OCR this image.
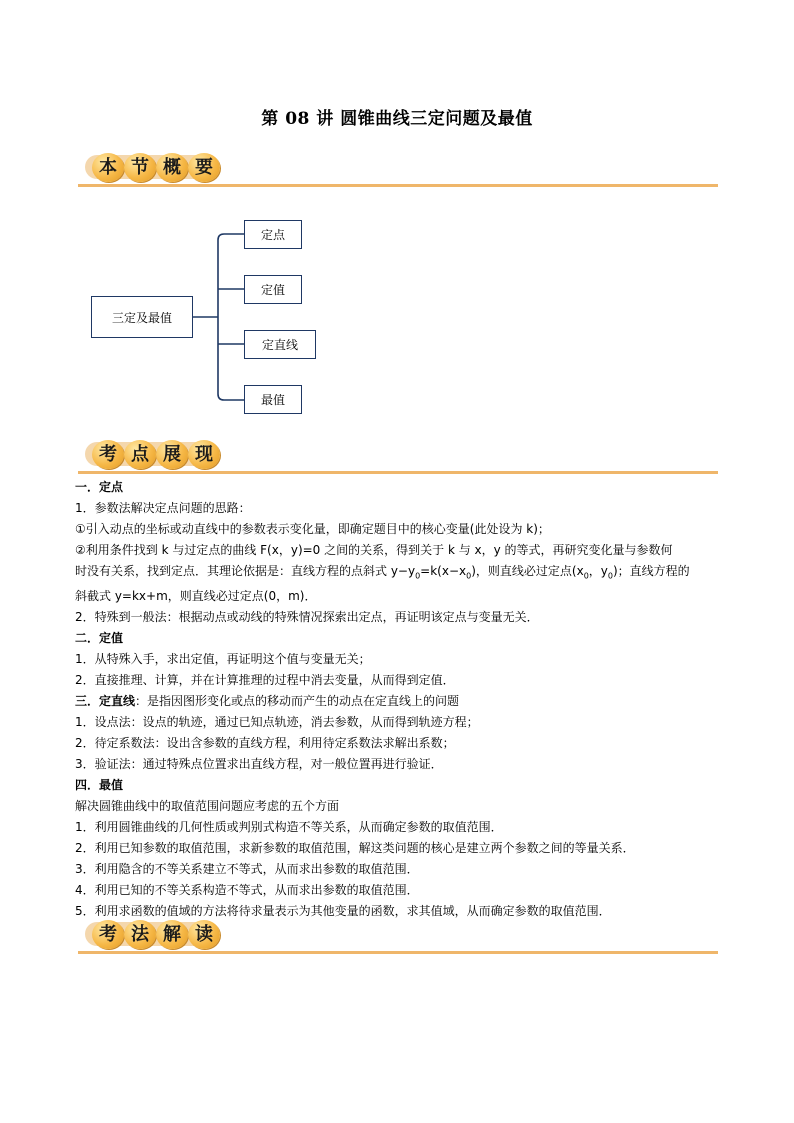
第 08 讲 圆锥曲线三定问题及最值
本 节 概 要
三定及最值
定点
定值
定直线
最值
考 点 展 现

一．定点

1．参数法解决定点问题的思路：

①引入动点的坐标或动直线中的参数表示变化量，即确定题目中的核心变量(此处设为 k)；

②利用条件找到 k 与过定点的曲线 F(x，y)=0 之间的关系，得到关于 k 与 x，y 的等式，再研究变化量与参数何

时没有关系，找到定点．其理论依据是：直线方程的点斜式 $y-y_0=k(x-x_0)$，则直线必过定点($x_0$，$y_0$)；直线方程的

斜截式 y=kx+m，则直线必过定点(0，m)．

2．特殊到一般法：根据动点或动线的特殊情况探索出定点，再证明该定点与变量无关．

二．定值

1．从特殊入手，求出定值，再证明这个值与变量无关；

2．直接推理、计算，并在计算推理的过程中消去变量，从而得到定值．

三．定直线：是指因图形变化或点的移动而产生的动点在定直线上的问题

1．设点法：设点的轨迹，通过已知点轨迹，消去参数，从而得到轨迹方程；

2．待定系数法：设出含参数的直线方程，利用待定系数法求解出系数；

3．验证法：通过特殊点位置求出直线方程，对一般位置再进行验证．

四．最值

解决圆锥曲线中的取值范围问题应考虑的五个方面

1．利用圆锥曲线的几何性质或判别式构造不等关系，从而确定参数的取值范围．

2．利用已知参数的取值范围，求新参数的取值范围，解这类问题的核心是建立两个参数之间的等量关系．

3．利用隐含的不等关系建立不等式，从而求出参数的取值范围．

4．利用已知的不等关系构造不等式，从而求出参数的取值范围．

5．利用求函数的值域的方法将待求量表示为其他变量的函数，求其值域，从而确定参数的取值范围．

考 法 解 读
